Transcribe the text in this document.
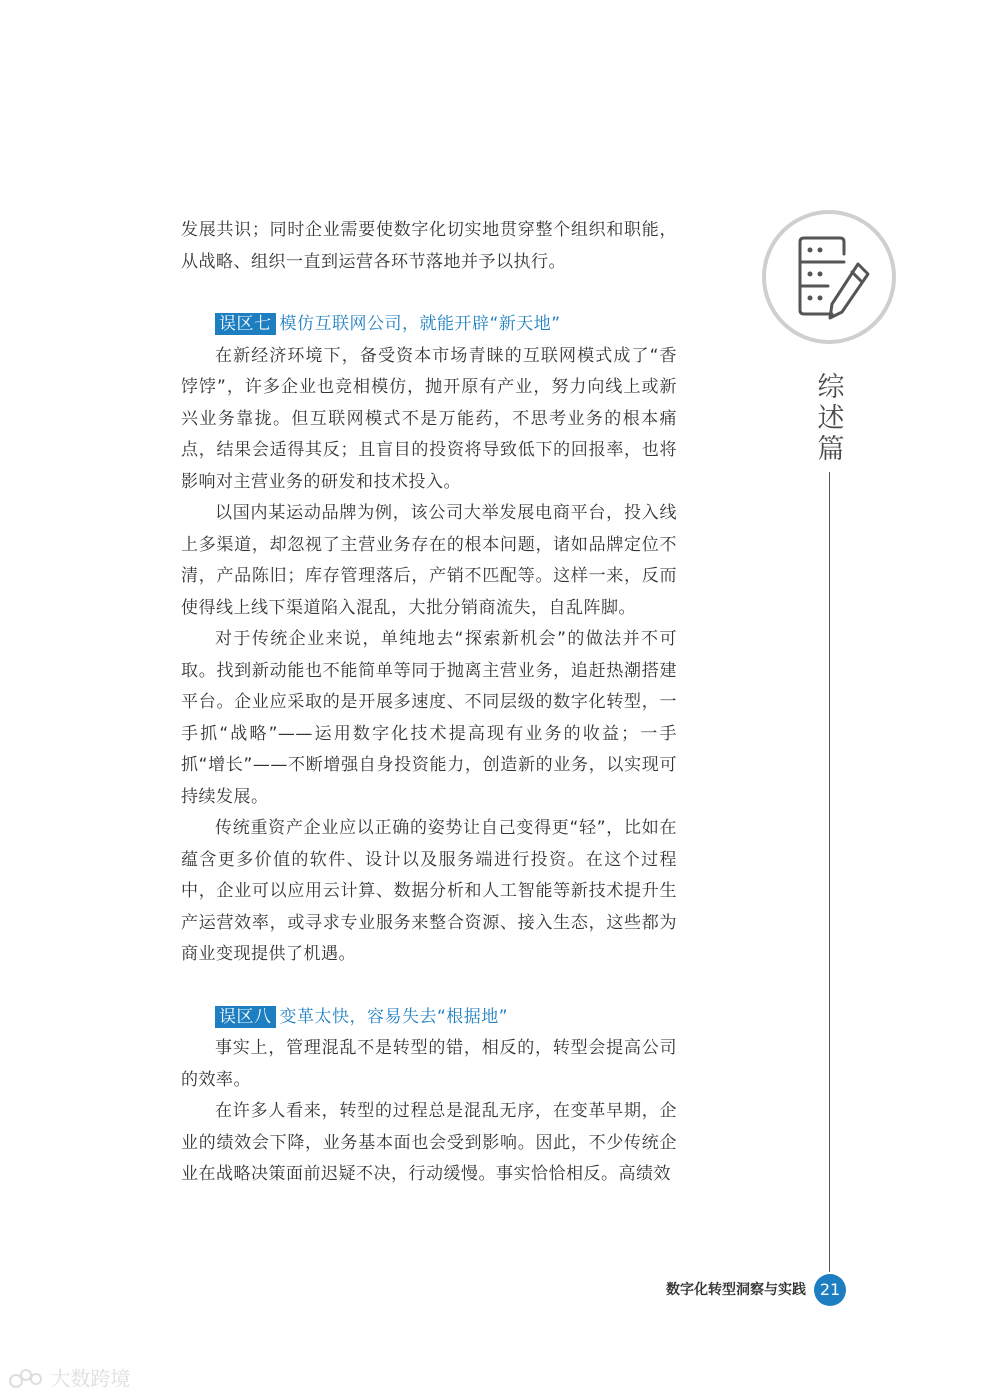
发展共识；同时企业需要使数字化切实地贯穿整个组织和职能，从战略、组织一直到运营各环节落地并予以执行。

误区七 模仿互联网公司，就能开辟“新天地”

在新经济环境下，备受资本市场青睐的互联网模式成了“香饽饽”，许多企业也竞相模仿，抛开原有产业，努力向线上或新兴业务靠拢。但互联网模式不是万能药，不思考业务的根本痛点，结果会适得其反；且盲目的投资将导致低下的回报率，也将影响对主营业务的研发和技术投入。

以国内某运动品牌为例，该公司大举发展电商平台，投入线上多渠道，却忽视了主营业务存在的根本问题，诸如品牌定位不清，产品陈旧；库存管理落后，产销不匹配等。这样一来，反而使得线上线下渠道陷入混乱，大批分销商流失，自乱阵脚。

对于传统企业来说，单纯地去“探索新机会”的做法并不可取。找到新动能也不能简单等同于抛离主营业务，追赶热潮搭建平台。企业应采取的是开展多速度、不同层级的数字化转型，一手抓“战略”——运用数字化技术提高现有业务的收益；一手抓“增长”——不断增强自身投资能力，创造新的业务，以实现可持续发展。

传统重资产企业应以正确的姿势让自己变得更“轻”，比如在蕴含更多价值的软件、设计以及服务端进行投资。在这个过程中，企业可以应用云计算、数据分析和人工智能等新技术提升生产运营效率，或寻求专业服务来整合资源、接入生态，这些都为商业变现提供了机遇。

误区八 变革太快，容易失去“根据地”

事实上，管理混乱不是转型的错，相反的，转型会提高公司的效率。

在许多人看来，转型的过程总是混乱无序，在变革早期，企业的绩效会下降，业务基本面也会受到影响。因此，不少传统企业在战略决策面前迟疑不决，行动缓慢。事实恰恰相反。高绩效

综述篇
数字化转型洞察与实践 21
大数跨境
